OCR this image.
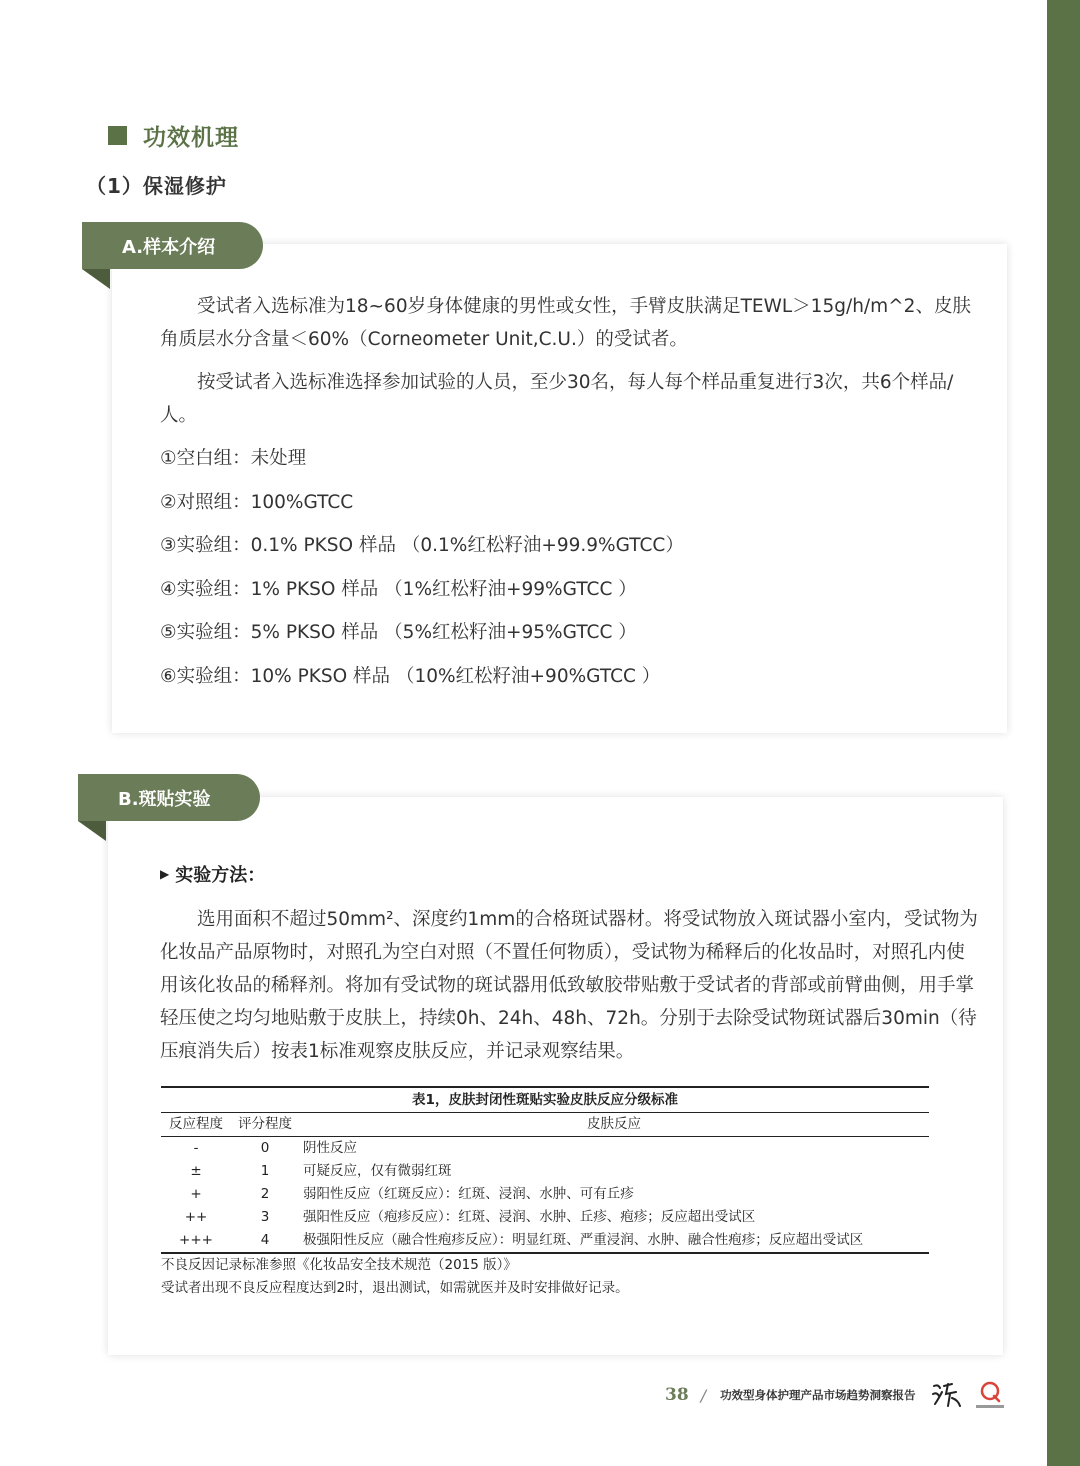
功效机理
（1）保湿修护
A.样本介绍

受试者入选标准为18~60岁身体健康的男性或女性，手臂皮肤满足TEWL＞15g/h/m^2、皮肤角质层水分含量＜60%（Corneometer Unit,C.U.）的受试者。

按受试者入选标准选择参加试验的人员，至少30名，每人每个样品重复进行3次，共6个样品/人。

①空白组：未处理

②对照组：100%GTCC

③实验组：0.1% PKSO 样品 （0.1%红松籽油+99.9%GTCC）

④实验组：1% PKSO 样品 （1%红松籽油+99%GTCC ）

⑤实验组：5% PKSO 样品 （5%红松籽油+95%GTCC ）

⑥实验组：10% PKSO 样品 （10%红松籽油+90%GTCC ）

B.斑贴实验
▶ 实验方法：

选用面积不超过50mm²、深度约1mm的合格斑试器材。将受试物放入斑试器小室内，受试物为化妆品产品原物时，对照孔为空白对照（不置任何物质），受试物为稀释后的化妆品时，对照孔内使用该化妆品的稀释剂。将加有受试物的斑试器用低致敏胶带贴敷于受试者的背部或前臂曲侧，用手掌轻压使之均匀地贴敷于皮肤上，持续0h、24h、48h、72h。分别于去除受试物斑试器后30min（待压痕消失后）按表1标准观察皮肤反应，并记录观察结果。

表1，皮肤封闭性斑贴实验皮肤反应分级标准
反应程度	评分程度	皮肤反应
-	0	阴性反应
±	1	可疑反应，仅有微弱红斑
+	2	弱阳性反应（红斑反应）：红斑、浸润、水肿、可有丘疹
++	3	强阳性反应（疱疹反应）：红斑、浸润、水肿、丘疹、疱疹；反应超出受试区
+++	4	极强阳性反应（融合性疱疹反应）：明显红斑、严重浸润、水肿、融合性疱疹；反应超出受试区
不良反因记录标准参照《化妆品安全技术规范（2015 版）》
受试者出现不良反应程度达到2时，退出测试，如需就医并及时安排做好记录。
38 / 功效型身体护理产品市场趋势洞察报告
